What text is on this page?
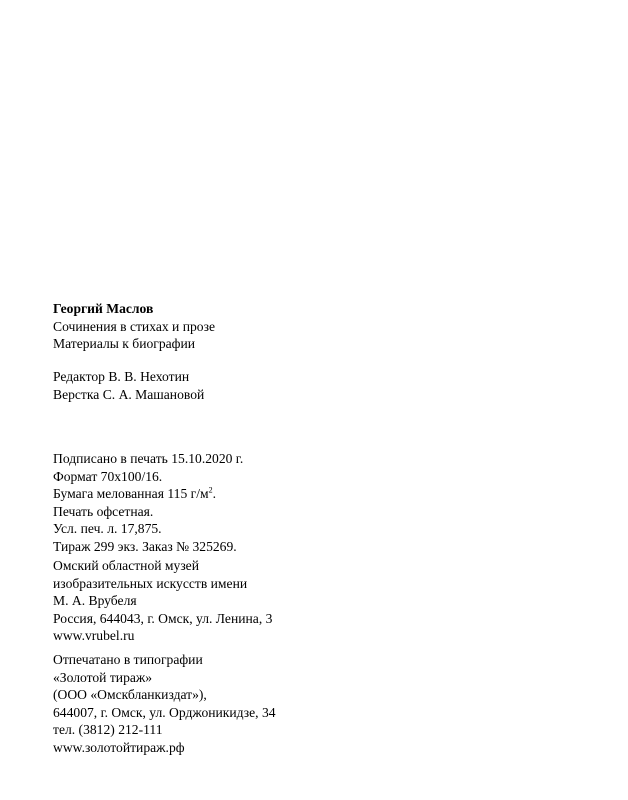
Георгий Маслов
Сочинения в стихах и прозе
Материалы к биографии
Редактор В. В. Нехотин
Верстка С. А. Машановой
Подписано в печать 15.10.2020 г.
Формат 70x100/16.
Бумага мелованная 115 $г/м^2$.
Печать офсетная.
Усл. печ. л. 17,875.
Тираж 299 экз. Заказ № 325269.
Омский областной музей
изобразительных искусств имени
М. А. Врубеля
Россия, 644043, г. Омск, ул. Ленина, 3
www.vrubel.ru
Отпечатано в типографии
«Золотой тираж»
(ООО «Омскбланкиздат»),
644007, г. Омск, ул. Орджоникидзе, 34
тел. (3812) 212-111
www.золотойтираж.рф
